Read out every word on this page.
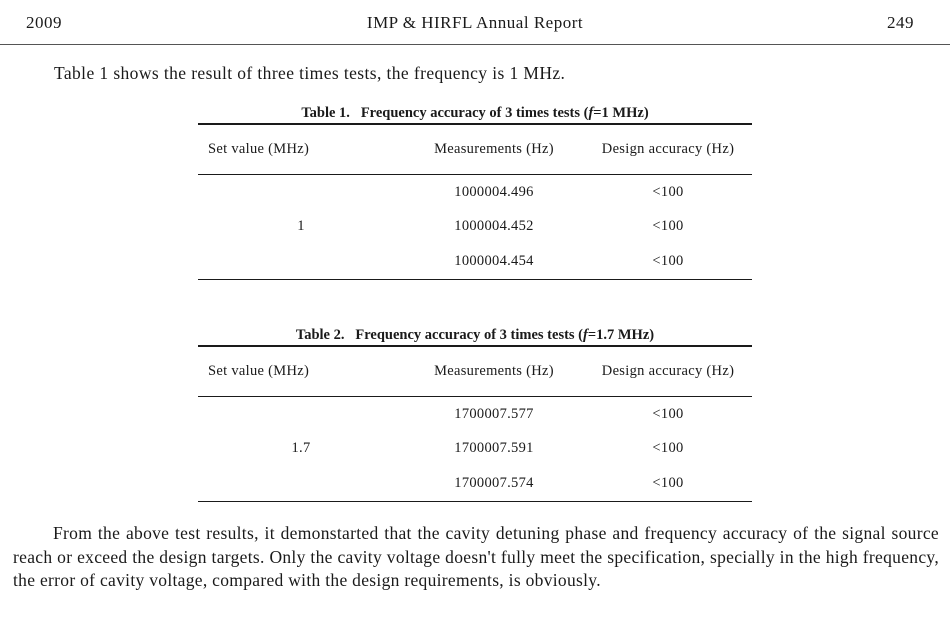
2009	IMP & HIRFL Annual Report	249
Table 1 shows the result of three times tests, the frequency is 1 MHz.
Table 1. Frequency accuracy of 3 times tests (f=1 MHz)
Set value (MHz)	Measurements (Hz)	Design accuracy (Hz)
1	1000004.496	<100
	1000004.452	<100
	1000004.454	<100
Table 2. Frequency accuracy of 3 times tests (f=1.7 MHz)
Set value (MHz)	Measurements (Hz)	Design accuracy (Hz)
1.7	1700007.577	<100
	1700007.591	<100
	1700007.574	<100

From the above test results, it demonstarted that the cavity detuning phase and frequency accuracy of the signal source reach or exceed the design targets. Only the cavity voltage doesn't fully meet the specification, specially in the high frequency, the error of cavity voltage, compared with the design requirements, is obviously.
